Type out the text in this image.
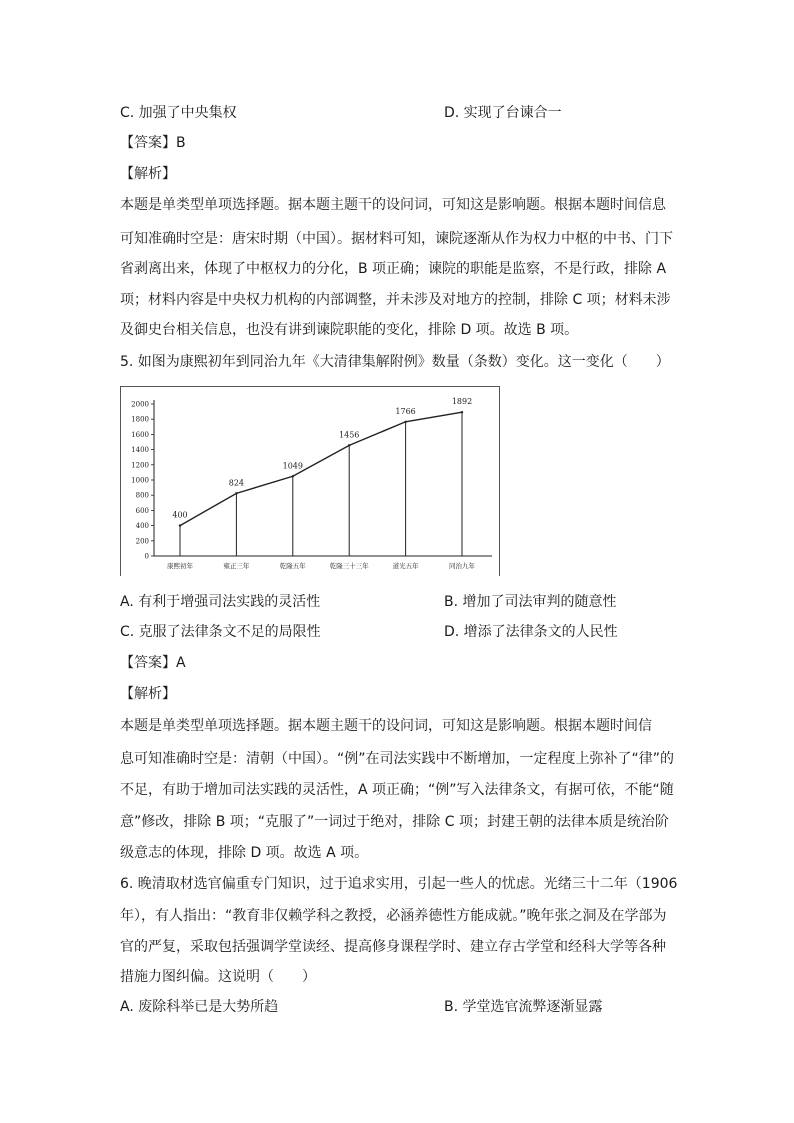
C. 加强了中央集权	D. 实现了台谏合一
【答案】B
【解析】
本题是单类型单项选择题。据本题主题干的设问词，可知这是影响题。根据本题时间信息
可知准确时空是：唐宋时期（中国）。据材料可知，谏院逐渐从作为权力中枢的中书、门下
省剥离出来，体现了中枢权力的分化，B 项正确；谏院的职能是监察，不是行政，排除 A
项；材料内容是中央权力机构的内部调整，并未涉及对地方的控制，排除 C 项；材料未涉
及御史台相关信息，也没有讲到谏院职能的变化，排除 D 项。故选 B 项。
5. 如图为康熙初年到同治九年《大清律集解附例》数量（条数）变化。这一变化（　　）
0
200
400
600
800
1000
1200
1400
1600
1800
2000
康熙初年	雍正三年	乾隆五年	乾隆三十三年	道光五年	同治九年
400
824
1049
1456
1766
1892
A. 有利于增强司法实践的灵活性	B. 增加了司法审判的随意性
C. 克服了法律条文不足的局限性	D. 增添了法律条文的人民性
【答案】A
【解析】
本题是单类型单项选择题。据本题主题干的设问词，可知这是影响题。根据本题时间信
息可知准确时空是：清朝（中国）。“例”在司法实践中不断增加，一定程度上弥补了“律”的
不足，有助于增加司法实践的灵活性，A 项正确；“例”写入法律条文，有据可依，不能“随
意”修改，排除 B 项；“克服了”一词过于绝对，排除 C 项；封建王朝的法律本质是统治阶
级意志的体现，排除 D 项。故选 A 项。
6. 晚清取材选官偏重专门知识，过于追求实用，引起一些人的忧虑。光绪三十二年（1906
年），有人指出：“教育非仅赖学科之教授，必涵养德性方能成就。”晚年张之洞及在学部为
官的严复，采取包括强调学堂读经、提高修身课程学时、建立存古学堂和经科大学等各种
措施力图纠偏。这说明（　　）
A. 废除科举已是大势所趋	B. 学堂选官流弊逐渐显露
